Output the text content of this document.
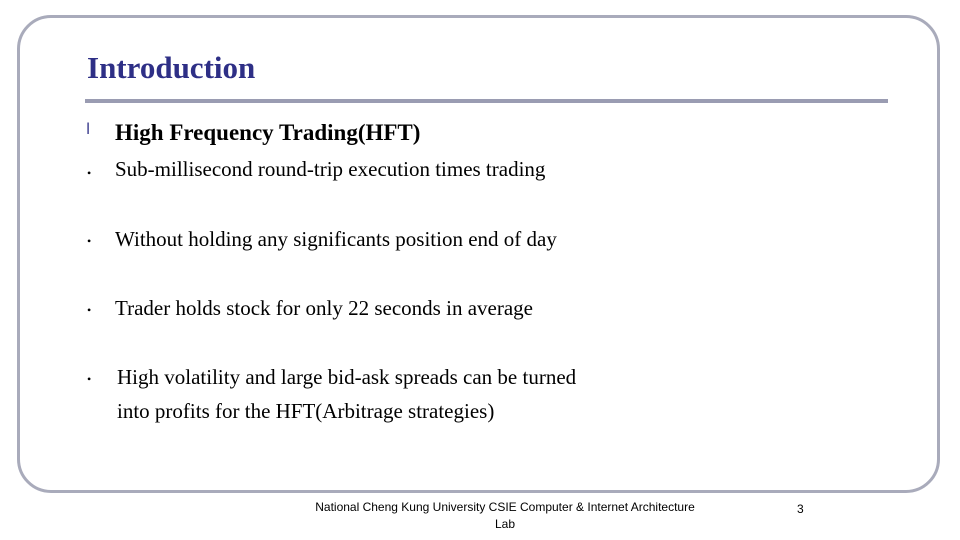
Introduction
l High Frequency Trading(HFT)
• Sub-millisecond round-trip execution times trading
• Without holding any significants position end of day
• Trader holds stock for only 22 seconds in average
• High volatility and large bid-ask spreads can be turned into profits for the HFT(Arbitrage strategies)
National Cheng Kung University CSIE Computer & Internet Architecture Lab
3
